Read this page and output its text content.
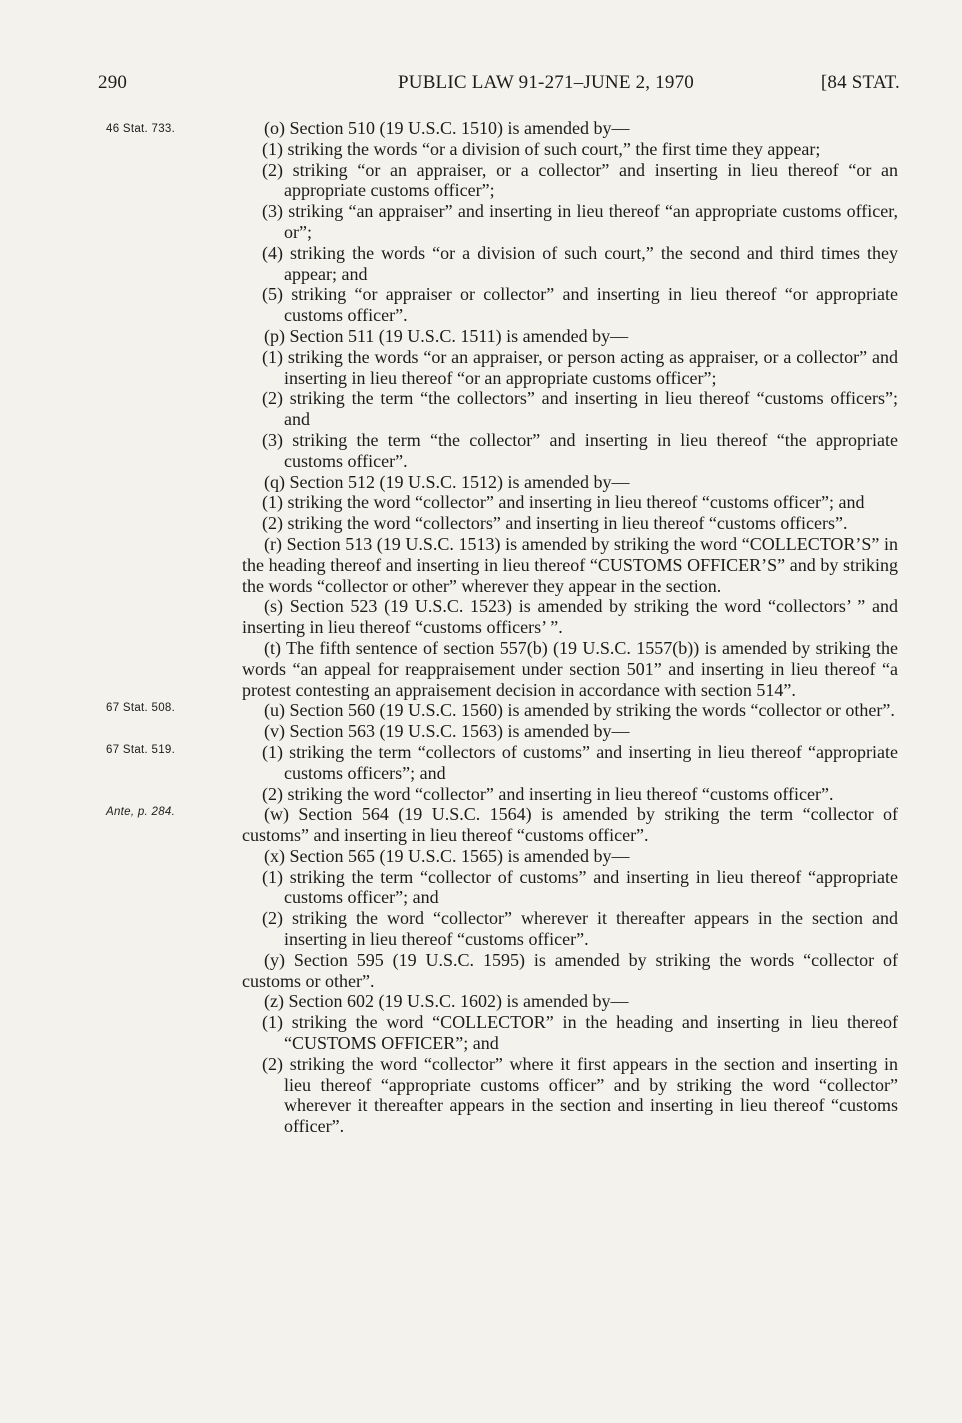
290	PUBLIC LAW 91-271–JUNE 2, 1970	[84 STAT.
46 Stat. 733.
67 Stat. 508.
67 Stat. 519.
Ante, p. 284.

(o) Section 510 (19 U.S.C. 1510) is amended by—

(1) striking the words “or a division of such court,” the first time they appear;

(2) striking “or an appraiser, or a collector” and inserting in lieu thereof “or an appropriate customs officer”;

(3) striking “an appraiser” and inserting in lieu thereof “an appropriate customs officer, or”;

(4) striking the words “or a division of such court,” the second and third times they appear; and

(5) striking “or appraiser or collector” and inserting in lieu thereof “or appropriate customs officer”.

(p) Section 511 (19 U.S.C. 1511) is amended by—

(1) striking the words “or an appraiser, or person acting as appraiser, or a collector” and inserting in lieu thereof “or an appropriate customs officer”;

(2) striking the term “the collectors” and inserting in lieu thereof “customs officers”; and

(3) striking the term “the collector” and inserting in lieu thereof “the appropriate customs officer”.

(q) Section 512 (19 U.S.C. 1512) is amended by—

(1) striking the word “collector” and inserting in lieu thereof “customs officer”; and

(2) striking the word “collectors” and inserting in lieu thereof “customs officers”.

(r) Section 513 (19 U.S.C. 1513) is amended by striking the word “COLLECTOR’S” in the heading thereof and inserting in lieu thereof “CUSTOMS OFFICER’S” and by striking the words “collector or other” wherever they appear in the section.

(s) Section 523 (19 U.S.C. 1523) is amended by striking the word “collectors’ ” and inserting in lieu thereof “customs officers’ ”.

(t) The fifth sentence of section 557(b) (19 U.S.C. 1557(b)) is amended by striking the words “an appeal for reappraisement under section 501” and inserting in lieu thereof “a protest contesting an appraisement decision in accordance with section 514”.

(u) Section 560 (19 U.S.C. 1560) is amended by striking the words “collector or other”.

(v) Section 563 (19 U.S.C. 1563) is amended by—

(1) striking the term “collectors of customs” and inserting in lieu thereof “appropriate customs officers”; and

(2) striking the word “collector” and inserting in lieu thereof “customs officer”.

(w) Section 564 (19 U.S.C. 1564) is amended by striking the term “collector of customs” and inserting in lieu thereof “customs officer”.

(x) Section 565 (19 U.S.C. 1565) is amended by—

(1) striking the term “collector of customs” and inserting in lieu thereof “appropriate customs officer”; and

(2) striking the word “collector” wherever it thereafter appears in the section and inserting in lieu thereof “customs officer”.

(y) Section 595 (19 U.S.C. 1595) is amended by striking the words “collector of customs or other”.

(z) Section 602 (19 U.S.C. 1602) is amended by—

(1) striking the word “COLLECTOR” in the heading and inserting in lieu thereof “CUSTOMS OFFICER”; and

(2) striking the word “collector” where it first appears in the section and inserting in lieu thereof “appropriate customs officer” and by striking the word “collector” wherever it thereafter appears in the section and inserting in lieu thereof “customs officer”.
